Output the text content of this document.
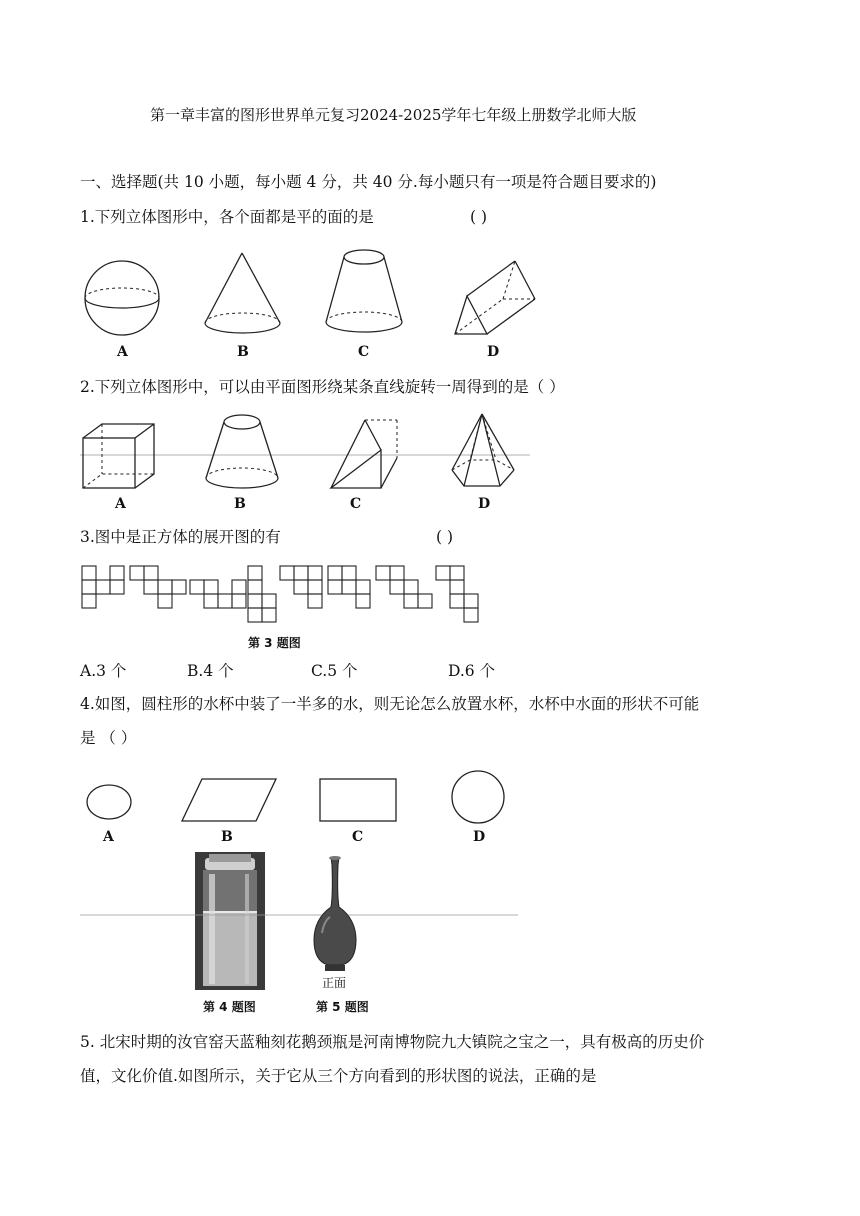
第一章丰富的图形世界单元复习2024-2025学年七年级上册数学北师大版
一、选择题(共 10 小题，每小题 4 分，共 40 分.每小题只有一项是符合题目要求的)
1.下列立体图形中，各个面都是平的面的是	( )
A	B	C	D
2.下列立体图形中，可以由平面图形绕某条直线旋转一周得到的是（ ）
A	B	C	D
3.图中是正方体的展开图的有	( )
第 3 题图
A.3 个	B.4 个	C.5 个	D.6 个
4.如图，圆柱形的水杯中装了一半多的水，则无论怎么放置水杯，水杯中水面的形状不可能
是 （ ）
A	B	C	D
正面
第 4 题图	第 5 题图
5. 北宋时期的汝官窑天蓝釉刻花鹅颈瓶是河南博物院九大镇院之宝之一，具有极高的历史价
值，文化价值.如图所示，关于它从三个方向看到的形状图的说法，正确的是
